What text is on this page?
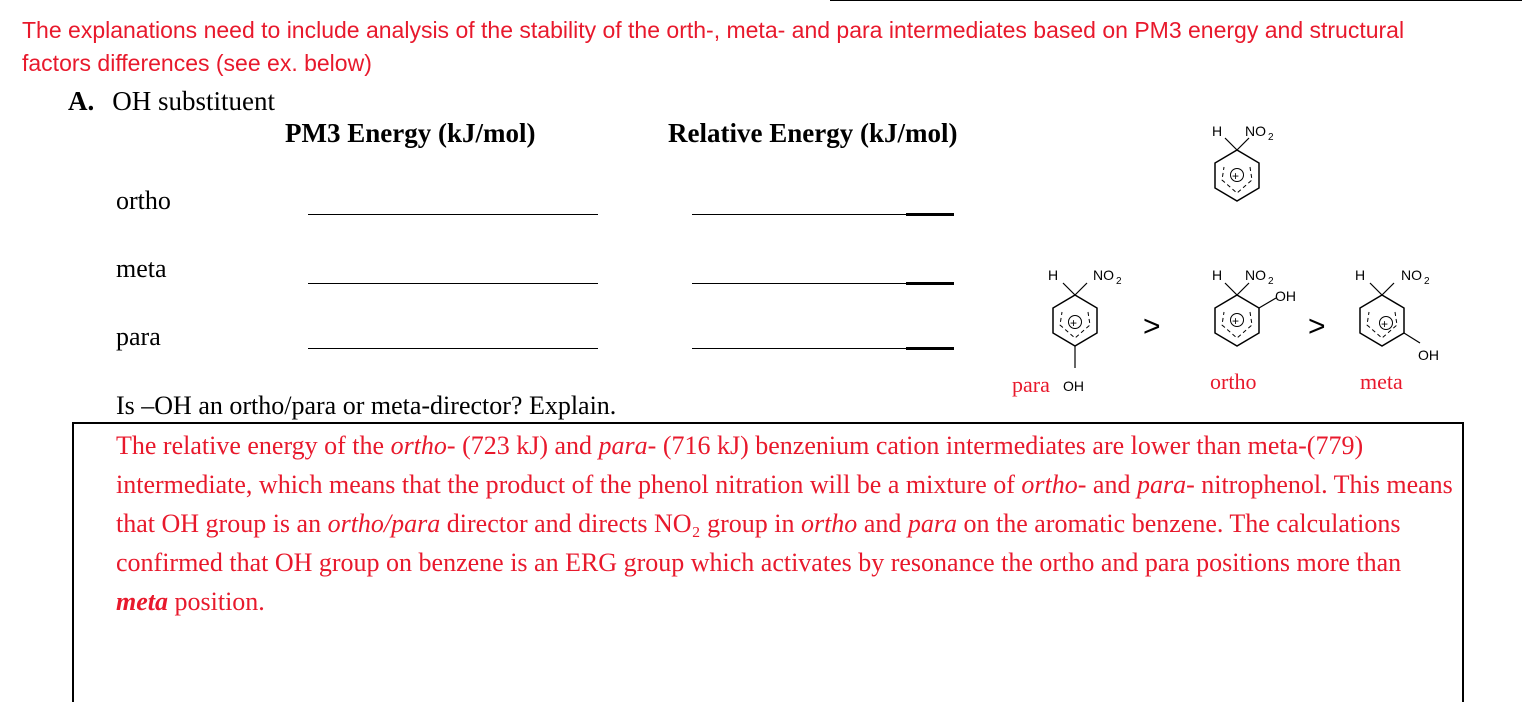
The explanations need to include analysis of the stability of the orth-, meta- and para intermediates based on PM3 energy and structural factors differences (see ex. below)
A. OH substituent
PM3 Energy (kJ/mol)	Relative Energy (kJ/mol)
ortho
meta
para
H NO 2
+
H NO 2
+
OH
H NO 2
OH
+
H	NO 2
OH
+
>	>
para	ortho	meta
Is –OH an ortho/para or meta-director? Explain.
The relative energy of the ortho- (723 kJ) and para- (716 kJ) benzenium cation intermediates are lower than meta-(779) intermediate, which means that the product of the phenol nitration will be a mixture of ortho- and para- nitrophenol. This means that OH group is an ortho/para director and directs NO₂ group in ortho and para on the aromatic benzene. The calculations confirmed that OH group on benzene is an ERG group which activates by resonance the ortho and para positions more than meta position.
